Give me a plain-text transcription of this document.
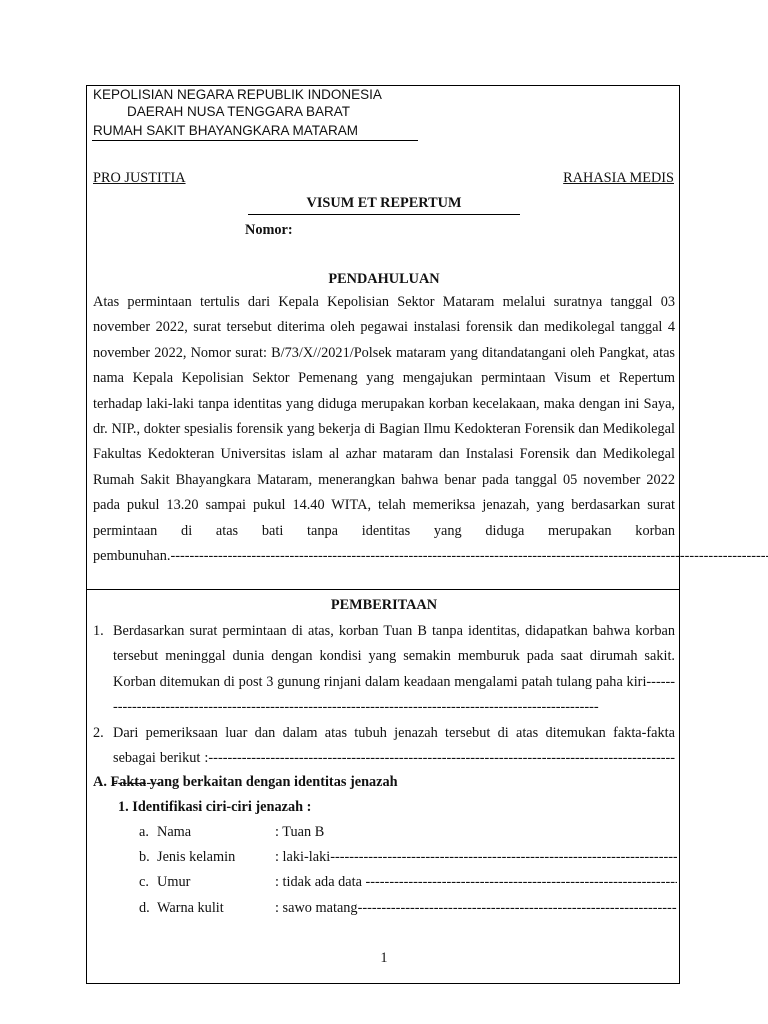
KEPOLISIAN NEGARA REPUBLIK INDONESIA
DAERAH NUSA TENGGARA BARAT
RUMAH SAKIT BHAYANGKARA MATARAM
PRO JUSTITIA	RAHASIA MEDIS
VISUM ET REPERTUM
Nomor:
PENDAHULUAN

Atas permintaan tertulis dari Kepala Kepolisian Sektor Mataram melalui suratnya tanggal 03 november 2022, surat tersebut diterima oleh pegawai instalasi forensik dan medikolegal tanggal 4 november 2022, Nomor surat: B/73/X//2021/Polsek mataram yang ditandatangani oleh Pangkat, atas nama Kepala Kepolisian Sektor Pemenang yang mengajukan permintaan Visum et Repertum terhadap laki-laki tanpa identitas yang diduga merupakan korban kecelakaan, maka dengan ini Saya, dr. NIP., dokter spesialis forensik yang bekerja di Bagian Ilmu Kedokteran Forensik dan Medikolegal Fakultas Kedokteran Universitas islam al azhar mataram dan Instalasi Forensik dan Medikolegal Rumah Sakit Bhayangkara Mataram, menerangkan bahwa benar pada tanggal 05 november 2022 pada pukul 13.20 sampai pukul 14.40 WITA, telah memeriksa jenazah, yang berdasarkan surat permintaan di atas bati tanpa identitas yang diduga merupakan korban pembunuhan. -----

PEMBERITAAN
1. Berdasarkan surat permintaan di atas, korban Tuan B tanpa identitas, didapatkan bahwa korban tersebut meninggal dunia dengan kondisi yang semakin memburuk pada saat dirumah sakit. Korban ditemukan di post 3 gunung rinjani dalam keadaan mengalami patah tulang paha kiri -----
2. Dari pemeriksaan luar dan dalam atas tubuh jenazah tersebut di atas ditemukan fakta-fakta sebagai berikut : -----
A. Fakta yang berkaitan dengan identitas jenazah
1. Identifikasi ciri-ciri jenazah :
a. Nama	: Tuan B
b. Jenis kelamin	: laki-laki -----
c. Umur	: tidak ada data -----
d. Warna kulit	: sawo matang -----
1
